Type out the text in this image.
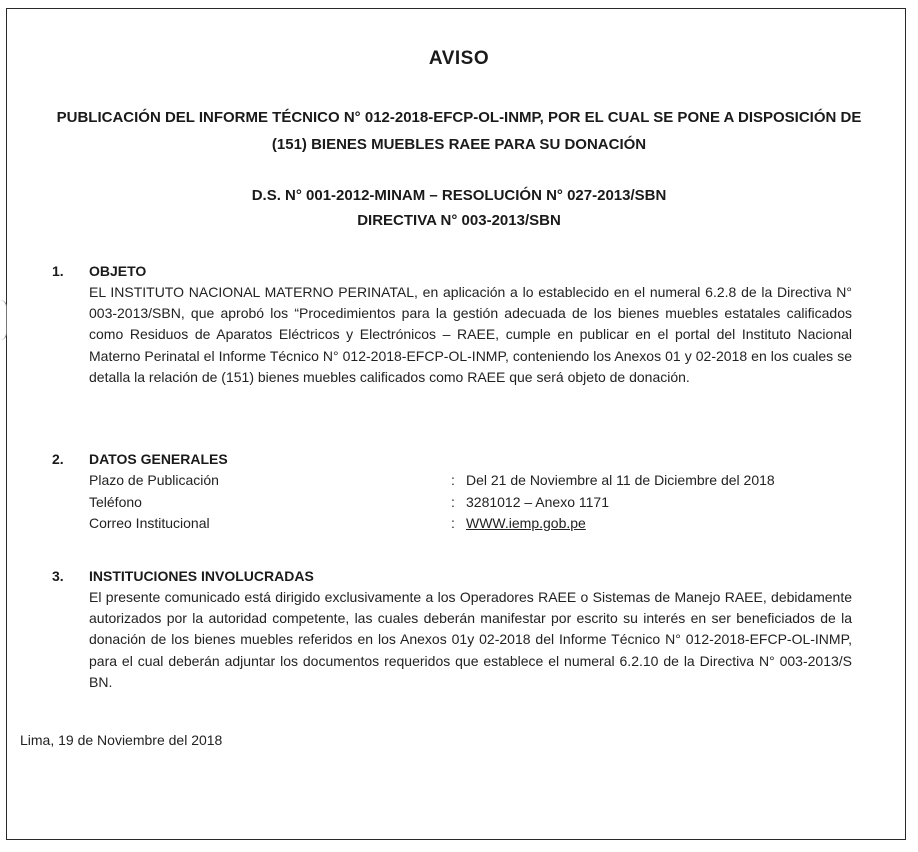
AVISO
PUBLICACIÓN DEL INFORME TÉCNICO N° 012-2018-EFCP-OL-INMP, POR EL CUAL SE PONE A DISPOSICIÓN DE (151) BIENES MUEBLES RAEE PARA SU DONACIÓN
D.S. N° 001-2012-MINAM – RESOLUCIÓN N° 027-2013/SBN
DIRECTIVA N° 003-2013/SBN
1.	OBJETO
EL INSTITUTO NACIONAL MATERNO PERINATAL, en aplicación a lo establecido en el numeral 6.2.8 de la Directiva N° 003-2013/SBN, que aprobó los “Procedimientos para la gestión adecuada de los bienes muebles estatales calificados como Residuos de Aparatos Eléctricos y Electrónicos – RAEE, cumple en publicar en el portal del Instituto Nacional Materno Perinatal el Informe Técnico N° 012-2018-EFCP-OL-INMP, conteniendo los Anexos 01 y 02-2018 en los cuales se detalla la relación de (151) bienes muebles calificados como RAEE que será objeto de donación.
2.	DATOS GENERALES
Plazo de Publicación	: Del 21 de Noviembre al 11 de Diciembre del 2018
Teléfono	: 3281012 – Anexo 1171
Correo Institucional	: WWW.iemp.gob.pe
3.	INSTITUCIONES INVOLUCRADAS
El presente comunicado está dirigido exclusivamente a los Operadores RAEE o Sistemas de Manejo RAEE, debidamente autorizados por la autoridad competente, las cuales deberán manifestar por escrito su interés en ser beneficiados de la donación de los bienes muebles referidos en los Anexos 01y 02-2018 del Informe Técnico N° 012-2018-EFCP-OL-INMP, para el cual deberán adjuntar los documentos requeridos que establece el numeral 6.2.10 de la Directiva N° 003-2013/S BN.
Lima, 19 de Noviembre del 2018
